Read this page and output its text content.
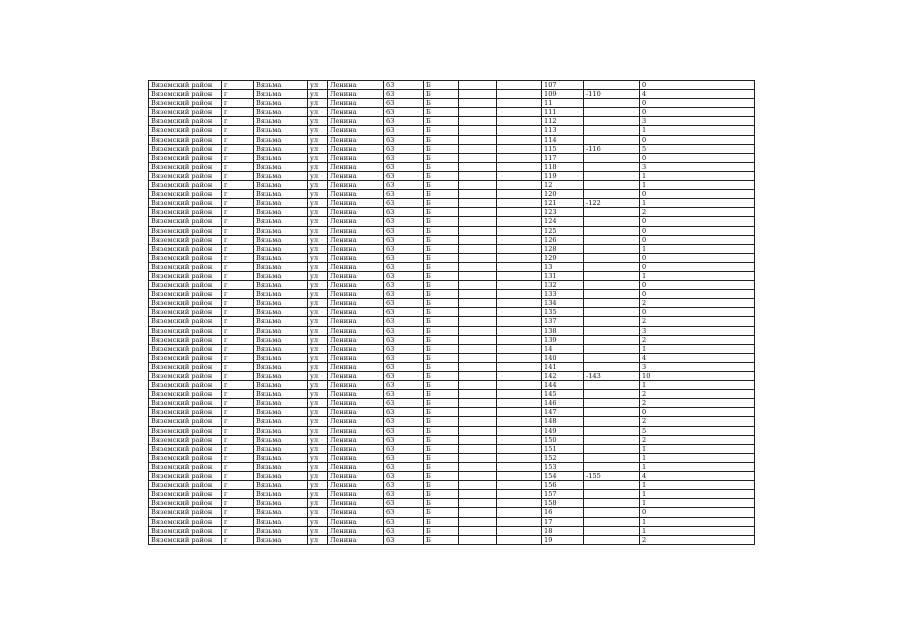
Вяземский район	г	Вязьма	ул	Ленина	63	Б			107		0
Вяземский район	г	Вязьма	ул	Ленина	63	Б			109	-110	4
Вяземский район	г	Вязьма	ул	Ленина	63	Б			11		0
Вяземский район	г	Вязьма	ул	Ленина	63	Б			111		0
Вяземский район	г	Вязьма	ул	Ленина	63	Б			112		3
Вяземский район	г	Вязьма	ул	Ленина	63	Б			113		1
Вяземский район	г	Вязьма	ул	Ленина	63	Б			114		0
Вяземский район	г	Вязьма	ул	Ленина	63	Б			115	-116	5
Вяземский район	г	Вязьма	ул	Ленина	63	Б			117		0
Вяземский район	г	Вязьма	ул	Ленина	63	Б			118		3
Вяземский район	г	Вязьма	ул	Ленина	63	Б			119		1
Вяземский район	г	Вязьма	ул	Ленина	63	Б			12		1
Вяземский район	г	Вязьма	ул	Ленина	63	Б			120		0
Вяземский район	г	Вязьма	ул	Ленина	63	Б			121	-122	1
Вяземский район	г	Вязьма	ул	Ленина	63	Б			123		2
Вяземский район	г	Вязьма	ул	Ленина	63	Б			124		0
Вяземский район	г	Вязьма	ул	Ленина	63	Б			125		0
Вяземский район	г	Вязьма	ул	Ленина	63	Б			126		0
Вяземский район	г	Вязьма	ул	Ленина	63	Б			128		1
Вяземский район	г	Вязьма	ул	Ленина	63	Б			129		0
Вяземский район	г	Вязьма	ул	Ленина	63	Б			13		0
Вяземский район	г	Вязьма	ул	Ленина	63	Б			131		1
Вяземский район	г	Вязьма	ул	Ленина	63	Б			132		0
Вяземский район	г	Вязьма	ул	Ленина	63	Б			133		0
Вяземский район	г	Вязьма	ул	Ленина	63	Б			134		2
Вяземский район	г	Вязьма	ул	Ленина	63	Б			135		0
Вяземский район	г	Вязьма	ул	Ленина	63	Б			137		2
Вяземский район	г	Вязьма	ул	Ленина	63	Б			138		3
Вяземский район	г	Вязьма	ул	Ленина	63	Б			139		2
Вяземский район	г	Вязьма	ул	Ленина	63	Б			14		1
Вяземский район	г	Вязьма	ул	Ленина	63	Б			140		4
Вяземский район	г	Вязьма	ул	Ленина	63	Б			141		3
Вяземский район	г	Вязьма	ул	Ленина	63	Б			142	-143	10
Вяземский район	г	Вязьма	ул	Ленина	63	Б			144		1
Вяземский район	г	Вязьма	ул	Ленина	63	Б			145		2
Вяземский район	г	Вязьма	ул	Ленина	63	Б			146		2
Вяземский район	г	Вязьма	ул	Ленина	63	Б			147		0
Вяземский район	г	Вязьма	ул	Ленина	63	Б			148		2
Вяземский район	г	Вязьма	ул	Ленина	63	Б			149		5
Вяземский район	г	Вязьма	ул	Ленина	63	Б			150		2
Вяземский район	г	Вязьма	ул	Ленина	63	Б			151		1
Вяземский район	г	Вязьма	ул	Ленина	63	Б			152		1
Вяземский район	г	Вязьма	ул	Ленина	63	Б			153		1
Вяземский район	г	Вязьма	ул	Ленина	63	Б			154	-155	4
Вяземский район	г	Вязьма	ул	Ленина	63	Б			156		1
Вяземский район	г	Вязьма	ул	Ленина	63	Б			157		1
Вяземский район	г	Вязьма	ул	Ленина	63	Б			158		1
Вяземский район	г	Вязьма	ул	Ленина	63	Б			16		0
Вяземский район	г	Вязьма	ул	Ленина	63	Б			17		1
Вяземский район	г	Вязьма	ул	Ленина	63	Б			18		1
Вяземский район	г	Вязьма	ул	Ленина	63	Б			19		2
